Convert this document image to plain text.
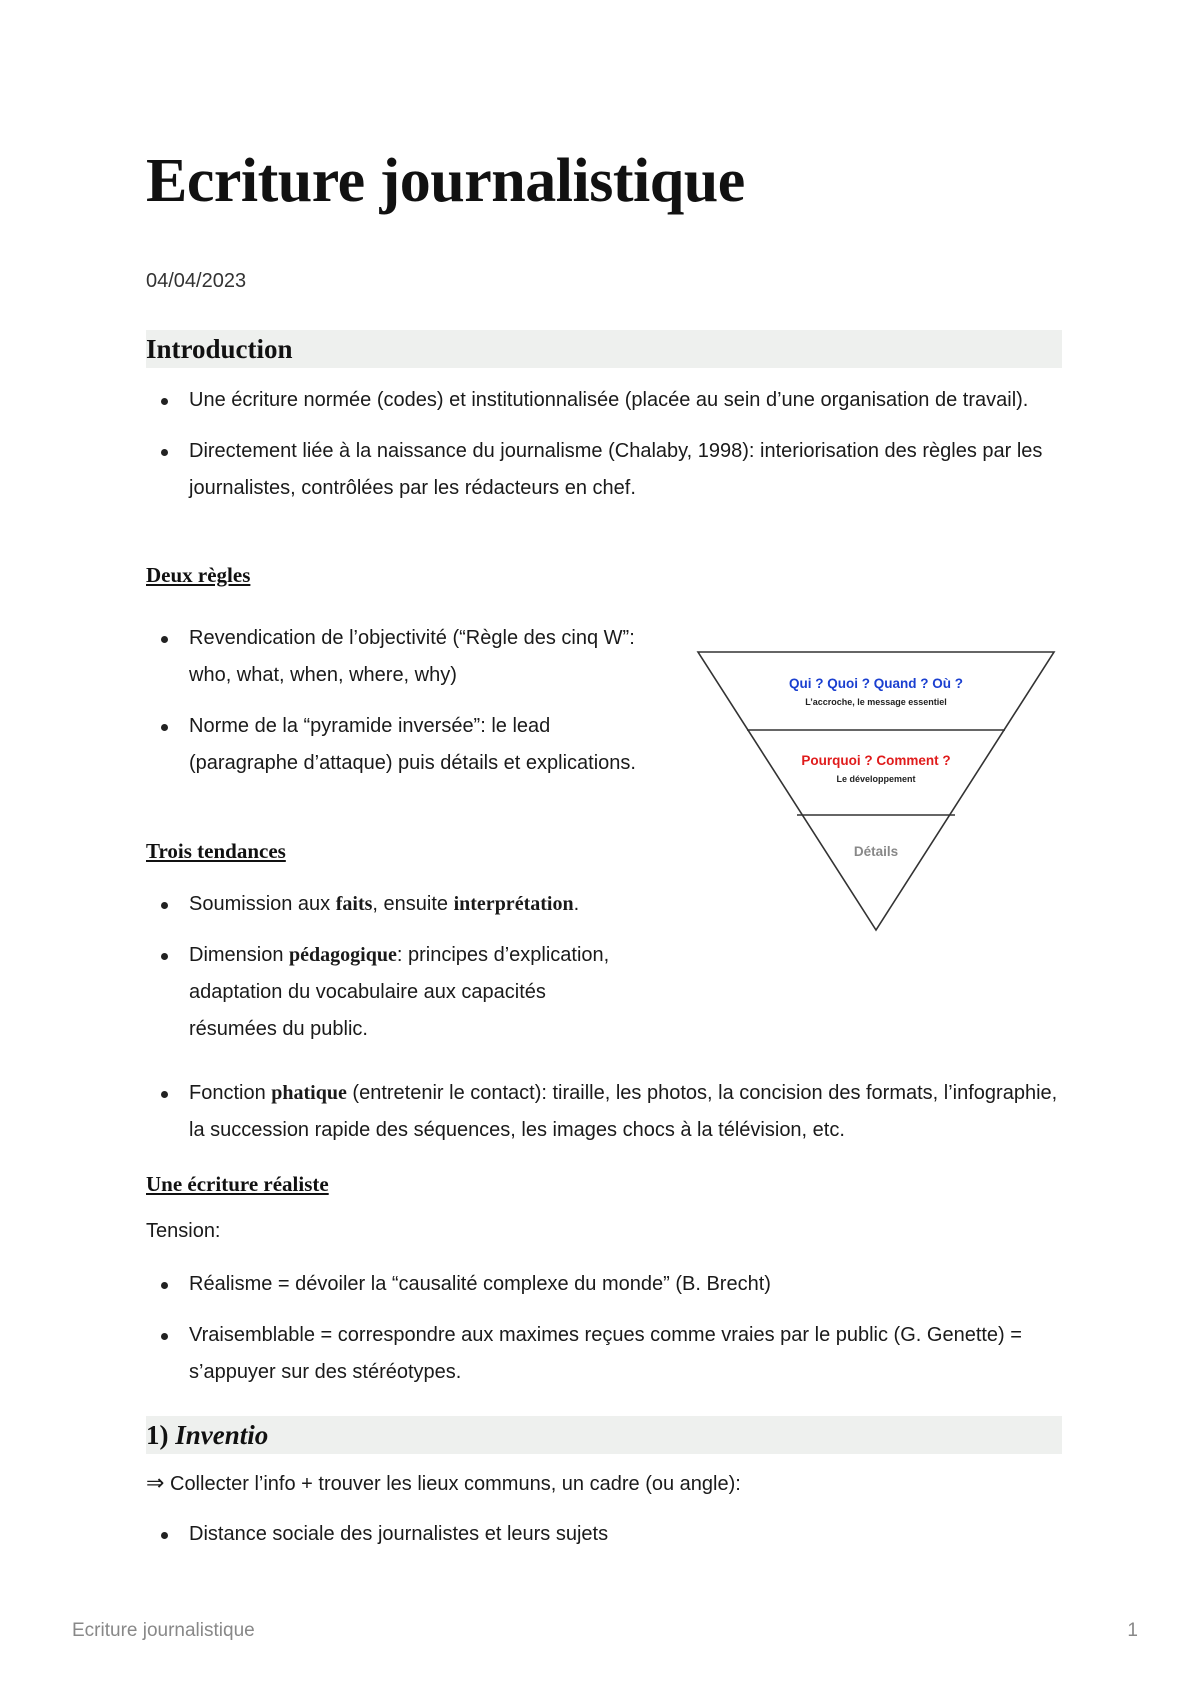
Ecriture journalistique
04/04/2023
Introduction
Une écriture normée (codes) et institutionnalisée (placée au sein d’une organisation de travail).
Directement liée à la naissance du journalisme (Chalaby, 1998): interiorisation des règles par les journalistes, contrôlées par les rédacteurs en chef.
Deux règles
Revendication de l’objectivité (“Règle des cinq W”: who, what, when, where, why)
Norme de la “pyramide inversée”: le lead (paragraphe d’attaque) puis détails et explications.
Qui ? Quoi ? Quand ? Où ?
L’accroche, le message essentiel
Pourquoi ? Comment ?
Le développement
Détails
Trois tendances
Soumission aux faits, ensuite interprétation.
Dimension pédagogique: principes d’explication, adaptation du vocabulaire aux capacités résumées du public.
Fonction phatique (entretenir le contact): tiraille, les photos, la concision des formats, l’infographie, la succession rapide des séquences, les images chocs à la télévision, etc.
Une écriture réaliste
Tension:
Réalisme = dévoiler la “causalité complexe du monde” (B. Brecht)
Vraisemblable = correspondre aux maximes reçues comme vraies par le public (G. Genette) = s’appuyer sur des stéréotypes.
1) Inventio
⇒ Collecter l’info + trouver les lieux communs, un cadre (ou angle):
Distance sociale des journalistes et leurs sujets
Ecriture journalistique	1
